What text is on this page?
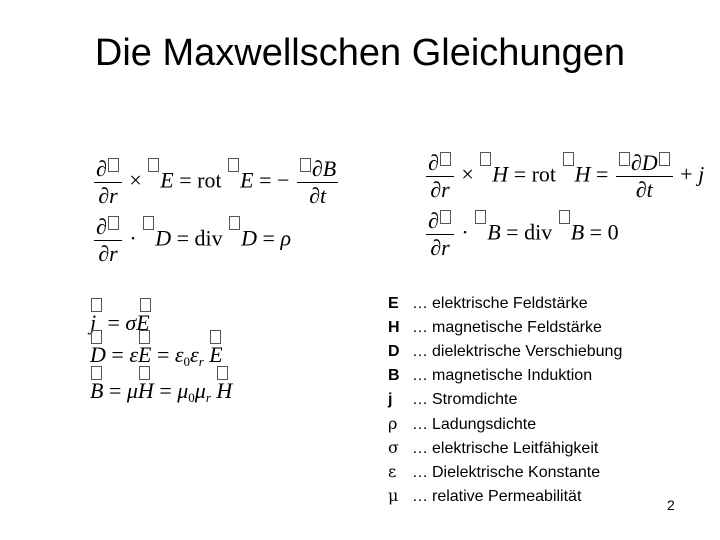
Die Maxwellschen Gleichungen
$\frac{\partial}{\partial r} \times E$ = rot E = − $\frac{\partial B}{\partial t}$
$\frac{\partial}{\partial r} \cdot D$ = div D = ρ
$\frac{\partial}{\partial r} \times H$ = rot $H = \frac{\partial D}{\partial t} + j$
$\frac{\partial}{\partial r} \cdot B$ = div B = 0
j = σ
E
D = ε
$E = \varepsilon_0\varepsilon_r$ E
B = μ
$H = \mu_0\mu_r$ H
E … elektrische Feldstärke
H … magnetische Feldstärke
D … dielektrische Verschiebung
B … magnetische Induktion
j … Stromdichte
ρ … Ladungsdichte
σ … elektrische Leitfähigkeit
ε … Dielektrische Konstante
μ … relative Permeabilität	2
